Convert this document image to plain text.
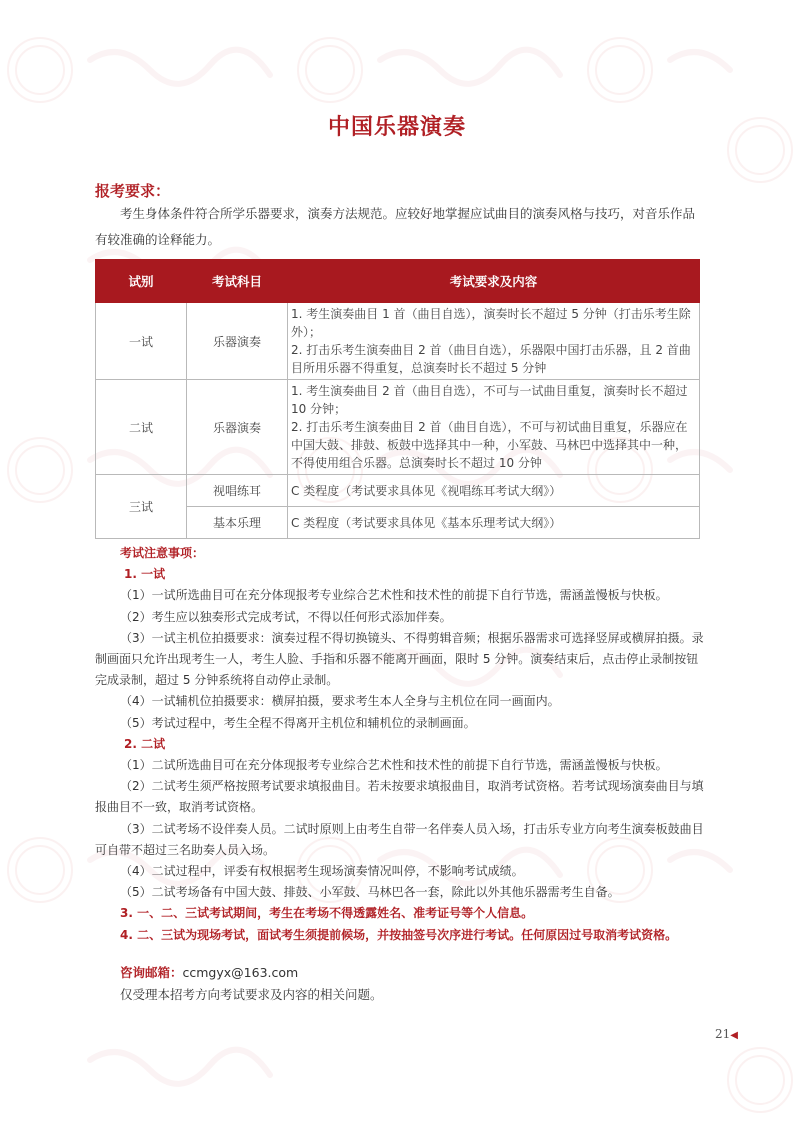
中国乐器演奏
报考要求：
考生身体条件符合所学乐器要求，演奏方法规范。应较好地掌握应试曲目的演奏风格与技巧，对音乐作品有较准确的诠释能力。
试别	考试科目	考试要求及内容
一试	乐器演奏	1. 考生演奏曲目 1 首（曲目自选），演奏时长不超过 5 分钟（打击乐考生除外）；
2. 打击乐考生演奏曲目 2 首（曲目自选），乐器限中国打击乐器，且 2 首曲目所用乐器不得重复，总演奏时长不超过 5 分钟

二试	乐器演奏	1. 考生演奏曲目 2 首（曲目自选），不可与一试曲目重复，演奏时长不超过 10 分钟；
2. 打击乐考生演奏曲目 2 首（曲目自选），不可与初试曲目重复，乐器应在中国大鼓、排鼓、板鼓中选择其中一种，小军鼓、马林巴中选择其中一种，不得使用组合乐器。总演奏时长不超过 10 分钟

三试	视唱练耳	C 类程度（考试要求具体见《视唱练耳考试大纲》）
	基本乐理	C 类程度（考试要求具体见《基本乐理考试大纲》）
考试注意事项：
1. 一试
（1）一试所选曲目可在充分体现报考专业综合艺术性和技术性的前提下自行节选，需涵盖慢板与快板。
（2）考生应以独奏形式完成考试，不得以任何形式添加伴奏。
（3）一试主机位拍摄要求：演奏过程不得切换镜头、不得剪辑音频；根据乐器需求可选择竖屏或横屏拍摄。录制画面只允许出现考生一人，考生人脸、手指和乐器不能离开画面，限时 5 分钟。演奏结束后，点击停止录制按钮完成录制，超过 5 分钟系统将自动停止录制。
（4）一试辅机位拍摄要求：横屏拍摄，要求考生本人全身与主机位在同一画面内。
（5）考试过程中，考生全程不得离开主机位和辅机位的录制画面。
2. 二试
（1）二试所选曲目可在充分体现报考专业综合艺术性和技术性的前提下自行节选，需涵盖慢板与快板。
（2）二试考生须严格按照考试要求填报曲目。若未按要求填报曲目，取消考试资格。若考试现场演奏曲目与填报曲目不一致，取消考试资格。
（3）二试考场不设伴奏人员。二试时原则上由考生自带一名伴奏人员入场，打击乐专业方向考生演奏板鼓曲目可自带不超过三名助奏人员入场。
（4）二试过程中，评委有权根据考生现场演奏情况叫停，不影响考试成绩。
（5）二试考场备有中国大鼓、排鼓、小军鼓、马林巴各一套，除此以外其他乐器需考生自备。
3. 一、二、三试考试期间，考生在考场不得透露姓名、准考证号等个人信息。
4. 二、三试为现场考试，面试考生须提前候场，并按抽签号次序进行考试。任何原因过号取消考试资格。
咨询邮箱：ccmgyx@163.com
仅受理本招考方向考试要求及内容的相关问题。
21◀
